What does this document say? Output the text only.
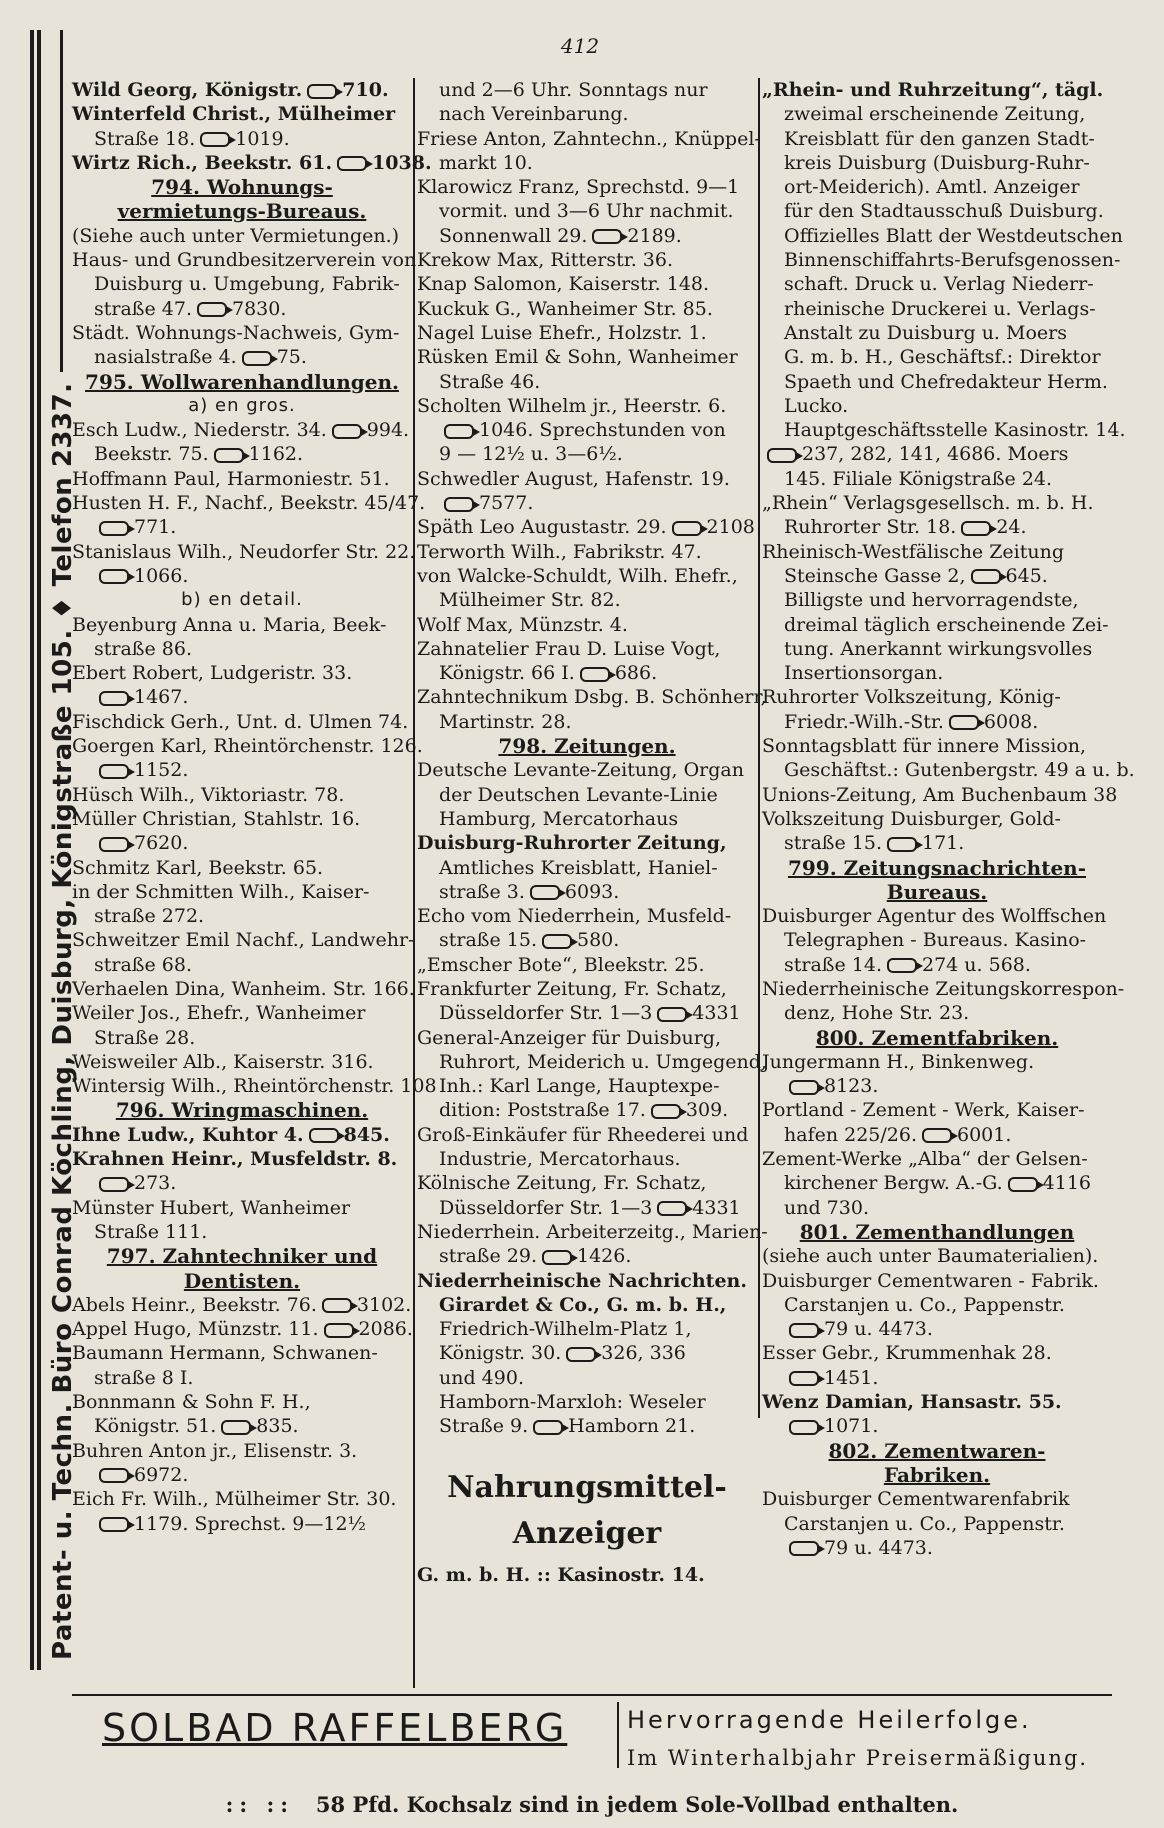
412
Patent- u. Techn. Büro Conrad Köchling, Duisburg, Königstraße 105. ♦ Telefon 2337.
Wild Georg, Königstr. 710.
Winterfeld Christ., Mülheimer
Straße 18. 1019.
Wirtz Rich., Beekstr. 61. 1038.
794. Wohnungs-
vermietungs-Bureaus.
(Siehe auch unter Vermietungen.)
Haus- und Grundbesitzerverein von
Duisburg u. Umgebung, Fabrik-
straße 47. 7830.
Städt. Wohnungs-Nachweis, Gym-
nasialstraße 4. 75.
795. Wollwarenhandlungen.
a) en gros.
Esch Ludw., Niederstr. 34. 994.
Beekstr. 75. 1162.
Hoffmann Paul, Harmoniestr. 51.
Husten H. F., Nachf., Beekstr. 45/47.
771.
Stanislaus Wilh., Neudorfer Str. 22.
1066.
b) en detail.
Beyenburg Anna u. Maria, Beek-
straße 86.
Ebert Robert, Ludgeristr. 33.
1467.
Fischdick Gerh., Unt. d. Ulmen 74.
Goergen Karl, Rheintörchenstr. 126.
1152.
Hüsch Wilh., Viktoriastr. 78.
Müller Christian, Stahlstr. 16.
7620.
Schmitz Karl, Beekstr. 65.
in der Schmitten Wilh., Kaiser-
straße 272.
Schweitzer Emil Nachf., Landwehr-
straße 68.
Verhaelen Dina, Wanheim. Str. 166.
Weiler Jos., Ehefr., Wanheimer
Straße 28.
Weisweiler Alb., Kaiserstr. 316.
Wintersig Wilh., Rheintörchenstr. 108
796. Wringmaschinen.
Ihne Ludw., Kuhtor 4. 845.
Krahnen Heinr., Musfeldstr. 8.
273.
Münster Hubert, Wanheimer
Straße 111.
797. Zahntechniker und
Dentisten.
Abels Heinr., Beekstr. 76. 3102.
Appel Hugo, Münzstr. 11. 2086.
Baumann Hermann, Schwanen-
straße 8 I.
Bonnmann & Sohn F. H.,
Königstr. 51. 835.
Buhren Anton jr., Elisenstr. 3.
6972.
Eich Fr. Wilh., Mülheimer Str. 30.
1179. Sprechst. 9—12½
und 2—6 Uhr. Sonntags nur
nach Vereinbarung.
Friese Anton, Zahntechn., Knüppel-
markt 10.
Klarowicz Franz, Sprechstd. 9—1
vormit. und 3—6 Uhr nachmit.
Sonnenwall 29. 2189.
Krekow Max, Ritterstr. 36.
Knap Salomon, Kaiserstr. 148.
Kuckuk G., Wanheimer Str. 85.
Nagel Luise Ehefr., Holzstr. 1.
Rüsken Emil & Sohn, Wanheimer
Straße 46.
Scholten Wilhelm jr., Heerstr. 6.
1046. Sprechstunden von
9 — 12½ u. 3—6½.
Schwedler August, Hafenstr. 19.
7577.
Späth Leo Augustastr. 29. 2108
Terworth Wilh., Fabrikstr. 47.
von Walcke-Schuldt, Wilh. Ehefr.,
Mülheimer Str. 82.
Wolf Max, Münzstr. 4.
Zahnatelier Frau D. Luise Vogt,
Königstr. 66 I. 686.
Zahntechnikum Dsbg. B. Schönherr,
Martinstr. 28.
798. Zeitungen.
Deutsche Levante-Zeitung, Organ
der Deutschen Levante-Linie
Hamburg, Mercatorhaus
Duisburg-Ruhrorter Zeitung,
Amtliches Kreisblatt, Haniel-
straße 3. 6093.
Echo vom Niederrhein, Musfeld-
straße 15. 580.
„Emscher Bote“, Bleekstr. 25.
Frankfurter Zeitung, Fr. Schatz,
Düsseldorfer Str. 1—3 4331
General-Anzeiger für Duisburg,
Ruhrort, Meiderich u. Umgegend,
Inh.: Karl Lange, Hauptexpe-
dition: Poststraße 17. 309.
Groß-Einkäufer für Rheederei und
Industrie, Mercatorhaus.
Kölnische Zeitung, Fr. Schatz,
Düsseldorfer Str. 1—3 4331
Niederrhein. Arbeiterzeitg., Marien-
straße 29. 1426.
Niederrheinische Nachrichten.
Girardet & Co., G. m. b. H.,
Friedrich-Wilhelm-Platz 1,
Königstr. 30. 326, 336
und 490.
Hamborn-Marxloh: Weseler
Straße 9. Hamborn 21.
Nahrungsmittel-
Anzeiger
G. m. b. H. :: Kasinostr. 14.
„Rhein- und Ruhrzeitung“, tägl.
zweimal erscheinende Zeitung,
Kreisblatt für den ganzen Stadt-
kreis Duisburg (Duisburg-Ruhr-
ort-Meiderich). Amtl. Anzeiger
für den Stadtausschuß Duisburg.
Offizielles Blatt der Westdeutschen
Binnenschiffahrts-Berufsgenossen-
schaft. Druck u. Verlag Niederr-
rheinische Druckerei u. Verlags-
Anstalt zu Duisburg u. Moers
G. m. b. H., Geschäftsf.: Direktor
Spaeth und Chefredakteur Herm.
Lucko.
Hauptgeschäftsstelle Kasinostr. 14.
237, 282, 141, 4686. Moers
145. Filiale Königstraße 24.
„Rhein“ Verlagsgesellsch. m. b. H.
Ruhrorter Str. 18. 24.
Rheinisch-Westfälische Zeitung
Steinsche Gasse 2, 645.
Billigste und hervorragendste,
dreimal täglich erscheinende Zei-
tung. Anerkannt wirkungsvolles
Insertionsorgan.
Ruhrorter Volkszeitung, König-
Friedr.-Wilh.-Str. 6008.
Sonntagsblatt für innere Mission,
Geschäftst.: Gutenbergstr. 49 a u. b.
Unions-Zeitung, Am Buchenbaum 38
Volkszeitung Duisburger, Gold-
straße 15. 171.
799. Zeitungsnachrichten-
Bureaus.
Duisburger Agentur des Wolffschen
Telegraphen - Bureaus. Kasino-
straße 14. 274 u. 568.
Niederrheinische Zeitungskorrespon-
denz, Hohe Str. 23.
800. Zementfabriken.
Jungermann H., Binkenweg.
8123.
Portland - Zement - Werk, Kaiser-
hafen 225/26. 6001.
Zement-Werke „Alba“ der Gelsen-
kirchener Bergw. A.-G. 4116
und 730.
801. Zementhandlungen
(siehe auch unter Baumaterialien).
Duisburger Cementwaren - Fabrik.
Carstanjen u. Co., Pappenstr.
79 u. 4473.
Esser Gebr., Krummenhak 28.
1451.
Wenz Damian, Hansastr. 55.
1071.
802. Zementwaren-
Fabriken.
Duisburger Cementwarenfabrik
Carstanjen u. Co., Pappenstr.
79 u. 4473.
SOLBAD RAFFELBERG Hervorragende Heilerfolge.
Im Winterhalbjahr Preisermäßigung.
:: :: 58 Pfd. Kochsalz sind in jedem Sole-Vollbad enthalten.
